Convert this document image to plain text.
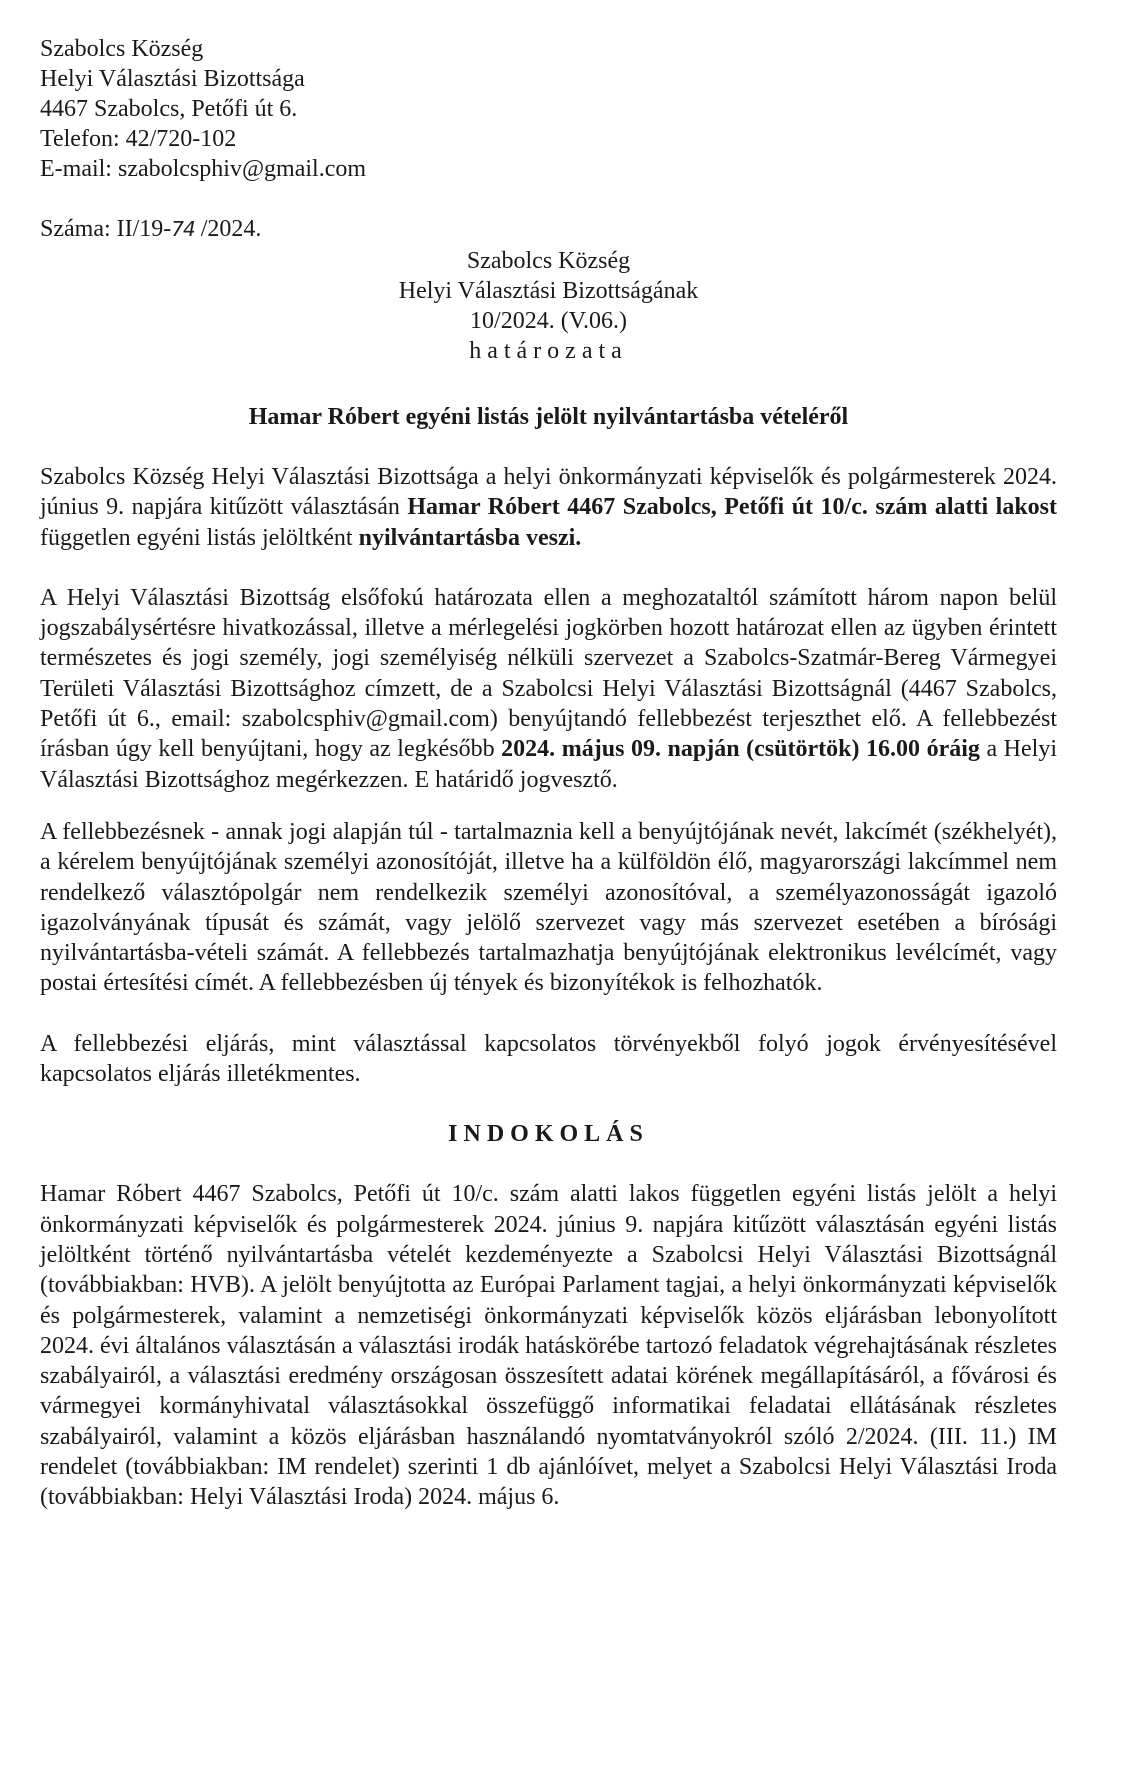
Szabolcs Község
Helyi Választási Bizottsága
4467 Szabolcs, Petőfi út 6.
Telefon: 42/720-102
E-mail: szabolcsphiv@gmail.com
Száma: II/19-74 /2024.
Szabolcs Község
Helyi Választási Bizottságának
10/2024. (V.06.)
határozata
Hamar Róbert egyéni listás jelölt nyilvántartásba vételéről

Szabolcs Község Helyi Választási Bizottsága a helyi önkormányzati képviselők és polgármesterek 2024. június 9. napjára kitűzött választásán Hamar Róbert 4467 Szabolcs, Petőfi út 10/c. szám alatti lakost független egyéni listás jelöltként nyilvántartásba veszi.

A Helyi Választási Bizottság elsőfokú határozata ellen a meghozataltól számított három napon belül jogszabálysértésre hivatkozással, illetve a mérlegelési jogkörben hozott határozat ellen az ügyben érintett természetes és jogi személy, jogi személyiség nélküli szervezet a Szabolcs-Szatmár-Bereg Vármegyei Területi Választási Bizottsághoz címzett, de a Szabolcsi Helyi Választási Bizottságnál (4467 Szabolcs, Petőfi út 6., email: szabolcsphiv@gmail.com) benyújtandó fellebbezést terjeszthet elő. A fellebbezést írásban úgy kell benyújtani, hogy az legkésőbb 2024. május 09. napján (csütörtök) 16.00 óráig a Helyi Választási Bizottsághoz megérkezzen. E határidő jogvesztő.

A fellebbezésnek - annak jogi alapján túl - tartalmaznia kell a benyújtójának nevét, lakcímét (székhelyét), a kérelem benyújtójának személyi azonosítóját, illetve ha a külföldön élő, magyarországi lakcímmel nem rendelkező választópolgár nem rendelkezik személyi azonosítóval, a személyazonosságát igazoló igazolványának típusát és számát, vagy jelölő szervezet vagy más szervezet esetében a bírósági nyilvántartásba-vételi számát. A fellebbezés tartalmazhatja benyújtójának elektronikus levélcímét, vagy postai értesítési címét. A fellebbezésben új tények és bizonyítékok is felhozhatók.

A fellebbezési eljárás, mint választással kapcsolatos törvényekből folyó jogok érvényesítésével kapcsolatos eljárás illetékmentes.

INDOKOLÁS

Hamar Róbert 4467 Szabolcs, Petőfi út 10/c. szám alatti lakos független egyéni listás jelölt a helyi önkormányzati képviselők és polgármesterek 2024. június 9. napjára kitűzött választásán egyéni listás jelöltként történő nyilvántartásba vételét kezdeményezte a Szabolcsi Helyi Választási Bizottságnál (továbbiakban: HVB). A jelölt benyújtotta az Európai Parlament tagjai, a helyi önkormányzati képviselők és polgármesterek, valamint a nemzetiségi önkormányzati képviselők közös eljárásban lebonyolított 2024. évi általános választásán a választási irodák hatáskörébe tartozó feladatok végrehajtásának részletes szabályairól, a választási eredmény országosan összesített adatai körének megállapításáról, a fővárosi és vármegyei kormányhivatal választásokkal összefüggő informatikai feladatai ellátásának részletes szabályairól, valamint a közös eljárásban használandó nyomtatványokról szóló 2/2024. (III. 11.) IM rendelet (továbbiakban: IM rendelet) szerinti 1 db ajánlóívet, melyet a Szabolcsi Helyi Választási Iroda (továbbiakban: Helyi Választási Iroda) 2024. május 6.
